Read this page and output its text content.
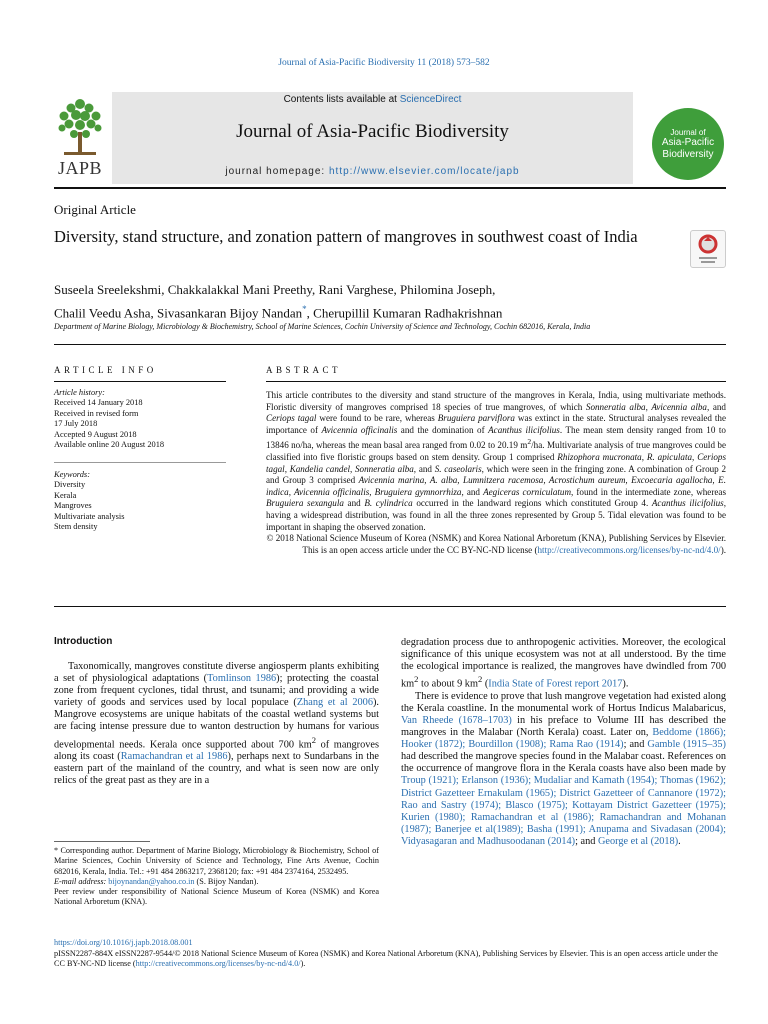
Journal of Asia-Pacific Biodiversity 11 (2018) 573–582
Contents lists available at ScienceDirect
Journal of Asia-Pacific Biodiversity
journal homepage: http://www.elsevier.com/locate/japb
JAPB
Journal of
Asia-Pacific
Biodiversity
Original Article
Diversity, stand structure, and zonation pattern of mangroves in southwest coast of India
Suseela Sreelekshmi, Chakkalakkal Mani Preethy, Rani Varghese, Philomina Joseph,
Chalil Veedu Asha, Sivasankaran Bijoy Nandan*, Cherupillil Kumaran Radhakrishnan
Department of Marine Biology, Microbiology & Biochemistry, School of Marine Sciences, Cochin University of Science and Technology, Cochin 682016, Kerala, India
ARTICLE INFO
Article history:
Received 14 January 2018
Received in revised form
17 July 2018
Accepted 9 August 2018
Available online 20 August 2018
Keywords:
Diversity
Kerala
Mangroves
Multivariate analysis
Stem density
ABSTRACT

This article contributes to the diversity and stand structure of the mangroves in Kerala, India, using multivariate methods. Floristic diversity of mangroves comprised 18 species of true mangroves, of which Sonneratia alba, Avicennia alba, and Ceriops tagal were found to be rare, whereas Bruguiera parviflora was extinct in the state. Structural analyses revealed the importance of Avicennia officinalis and the domination of Acanthus ilicifolius. The mean stem density ranged from 10 to 13846 no/ha, whereas the mean basal area ranged from 0.02 to 20.19 $m^2/ha$. Multivariate analysis of true mangroves could be classified into five floristic groups based on stem density. Group 1 comprised Rhizophora mucronata, R. apiculata, Ceriops tagal, Kandelia candel, Sonneratia alba, and S. caseolaris, which were seen in the fringing zone. A combination of Group 2 and Group 3 comprised Avicennia marina, A. alba, Lumnitzera racemosa, Acrostichum aureum, Excoecaria agallocha, E. indica, Avicennia officinalis, Bruguiera gymnorrhiza, and Aegiceras corniculatum, found in the intermediate zone, whereas Bruguiera sexangula and B. cylindrica occurred in the landward regions which constituted Group 4. Acanthus ilicifolius, having a widespread distribution, was found in all the three zones represented by Group 5. Tidal elevation was found to be important in shaping the observed zonation.

© 2018 National Science Museum of Korea (NSMK) and Korea National Arboretum (KNA), Publishing Services by Elsevier. This is an open access article under the CC BY-NC-ND license (http://creativecommons.org/licenses/by-nc-nd/4.0/).

Introduction

Taxonomically, mangroves constitute diverse angiosperm plants exhibiting a set of physiological adaptations (Tomlinson 1986); protecting the coastal zone from frequent cyclones, tidal thrust, and tsunami; and providing a wide variety of goods and services used by local populace (Zhang et al 2006). Mangrove ecosystems are unique habitats of the coastal wetland systems but are facing intense pressure due to wanton destruction by humans for various developmental needs. Kerala once supported about 700 $km^2$ of mangroves along its coast (Ramachandran et al 1986), perhaps next to Sundarbans in the eastern part of the mainland of the country, and what is seen now are only relics of the great past as they are in a

* Corresponding author. Department of Marine Biology, Microbiology & Biochemistry, School of Marine Sciences, Cochin University of Science and Technology, Fine Arts Avenue, Cochin 682016, Kerala, India. Tel.: +91 484 2863217, 2368120; fax: +91 484 2374164, 2532495.

E-mail address: bijoynandan@yahoo.co.in (S. Bijoy Nandan).

Peer review under responsibility of National Science Museum of Korea (NSMK) and Korea National Arboretum (KNA).

degradation process due to anthropogenic activities. Moreover, the ecological significance of this unique ecosystem was not at all understood. By the time the ecological importance is realized, the mangroves have dwindled from 700 $km^2$ to about 9 $km^2$ (India State of Forest report 2017).

There is evidence to prove that lush mangrove vegetation had existed along the Kerala coastline. In the monumental work of Hortus Indicus Malabaricus, Van Rheede (1678–1703) in his preface to Volume III has described the mangroves in the Malabar (North Kerala) coast. Later on, Beddome (1866); Hooker (1872); Bourdillon (1908); Rama Rao (1914); and Gamble (1915–35) had described the mangrove species found in the Malabar coast. References on the occurrence of mangrove flora in the Kerala coasts have also been made by Troup (1921); Erlanson (1936); Mudaliar and Kamath (1954); Thomas (1962); District Gazetteer Ernakulam (1965); District Gazetteer of Cannanore (1972); Rao and Sastry (1974); Blasco (1975); Kottayam District Gazetteer (1975); Kurien (1980); Ramachandran et al (1986); Ramachandran and Mohanan (1987); Banerjee et al(1989); Basha (1991); Anupama and Sivadasan (2004); Vidyasagaran and Madhusoodanan (2014); and George et al (2018).

https://doi.org/10.1016/j.japb.2018.08.001

pISSN2287-884X eISSN2287-9544/© 2018 National Science Museum of Korea (NSMK) and Korea National Arboretum (KNA), Publishing Services by Elsevier. This is an open access article under the CC BY-NC-ND license (http://creativecommons.org/licenses/by-nc-nd/4.0/).
